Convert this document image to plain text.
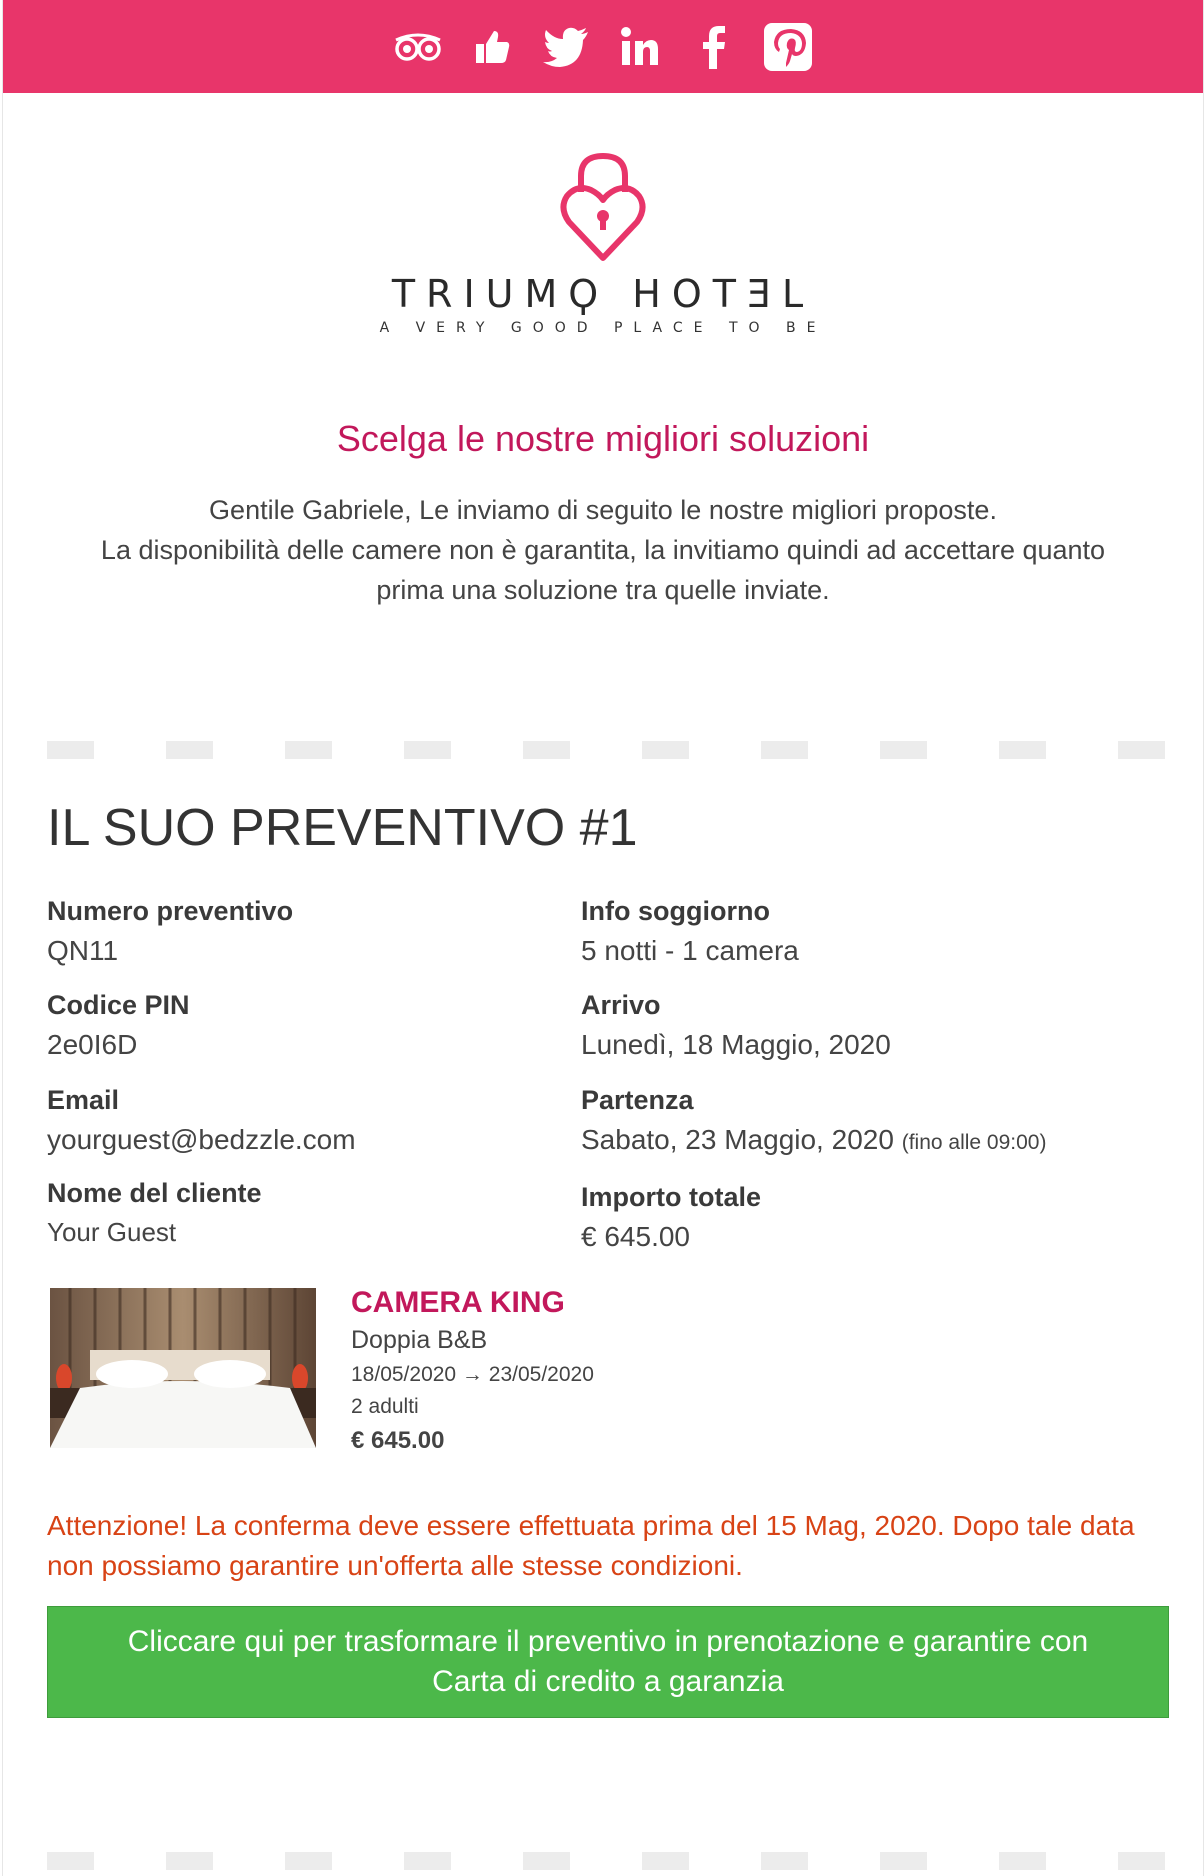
TRIUMϘ HOTƎL
A VERY GOOD PLACE TO BE
Scelga le nostre migliori soluzioni
Gentile Gabriele, Le inviamo di seguito le nostre migliori proposte.
La disponibilità delle camere non è garantita, la invitiamo quindi ad accettare quanto prima una soluzione tra quelle inviate.
IL SUO PREVENTIVO #1
Numero preventivo
QN11
Codice PIN
2e0I6D
Email
yourguest@bedzzle.com
Nome del cliente
Your Guest
Info soggiorno
5 notti - 1 camera
Arrivo
Lunedì, 18 Maggio, 2020
Partenza
Sabato, 23 Maggio, 2020 (fino alle 09:00)
Importo totale
€ 645.00
CAMERA KING
Doppia B&B
18/05/2020 → 23/05/2020
2 adulti
€ 645.00
Attenzione! La conferma deve essere effettuata prima del 15 Mag, 2020. Dopo tale data non possiamo garantire un'offerta alle stesse condizioni.
Cliccare qui per trasformare il preventivo in prenotazione e garantire con Carta di credito a garanzia
